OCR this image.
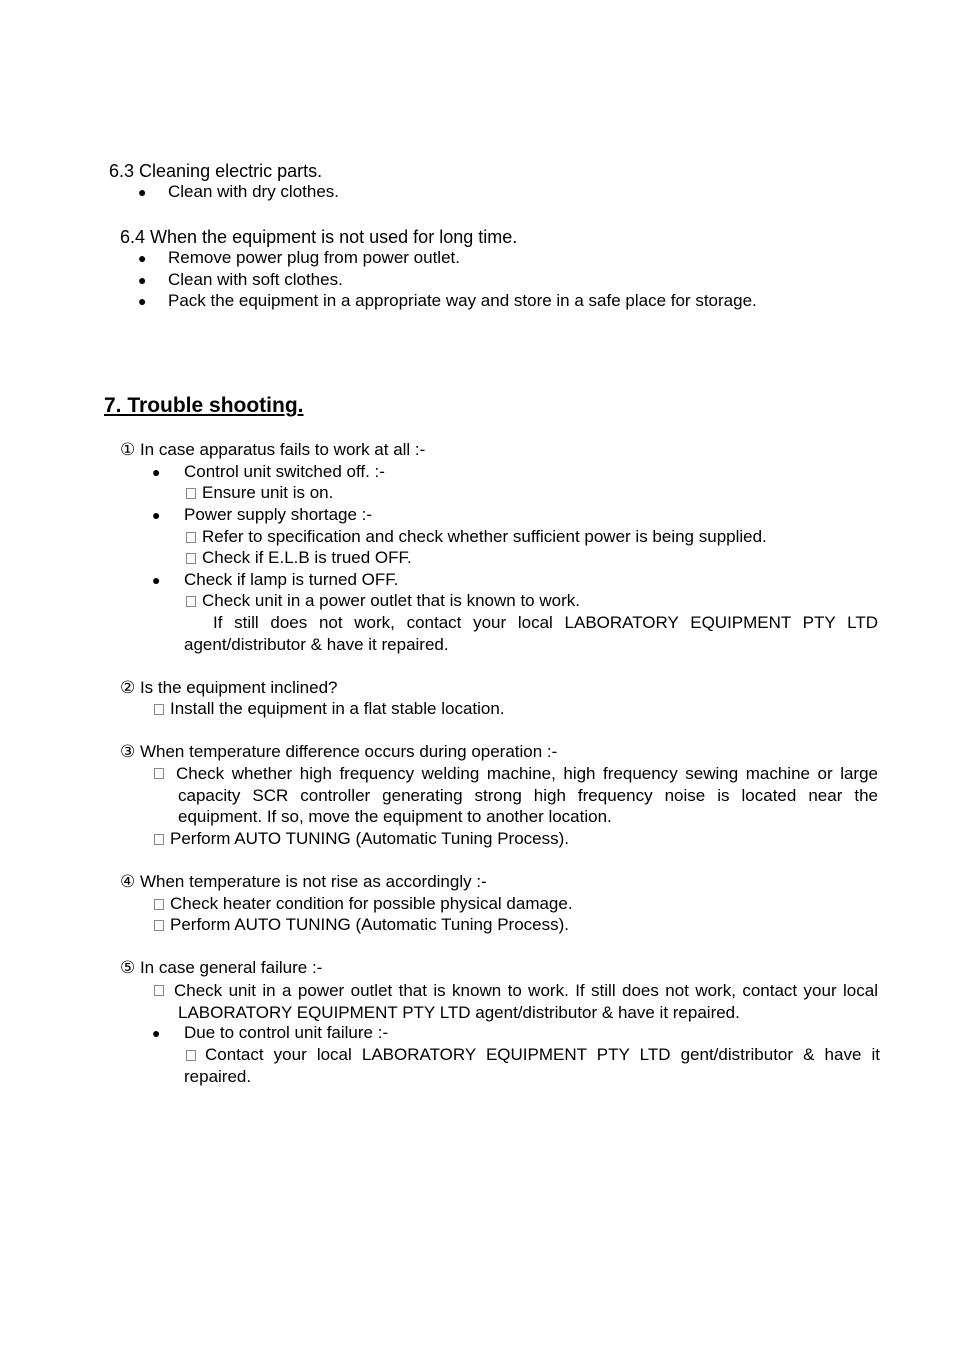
6.3 Cleaning electric parts.
● Clean with dry clothes.
6.4 When the equipment is not used for long time.
● Remove power plug from power outlet.
● Clean with soft clothes.
● Pack the equipment in a appropriate way and store in a safe place for storage.
7. Trouble shooting.
① In case apparatus fails to work at all :-
● Control unit switched off. :-
Ensure unit is on.
● Power supply shortage :-
Refer to specification and check whether sufficient power is being supplied.
Check if E.L.B is trued OFF.
● Check if lamp is turned OFF.
Check unit in a power outlet that is known to work.
If still does not work, contact your local LABORATORY EQUIPMENT PTY LTD agent/distributor & have it repaired.
② Is the equipment inclined?
Install the equipment in a flat stable location.
③ When temperature difference occurs during operation :-
Check whether high frequency welding machine, high frequency sewing machine or large capacity SCR controller generating strong high frequency noise is located near the equipment. If so, move the equipment to another location.
Perform AUTO TUNING (Automatic Tuning Process).
④ When temperature is not rise as accordingly :-
Check heater condition for possible physical damage.
Perform AUTO TUNING (Automatic Tuning Process).
⑤ In case general failure :-
Check unit in a power outlet that is known to work. If still does not work, contact your local LABORATORY EQUIPMENT PTY LTD agent/distributor & have it repaired.
● Due to control unit failure :-
Contact your local LABORATORY EQUIPMENT PTY LTD gent/distributor & have it repaired.
